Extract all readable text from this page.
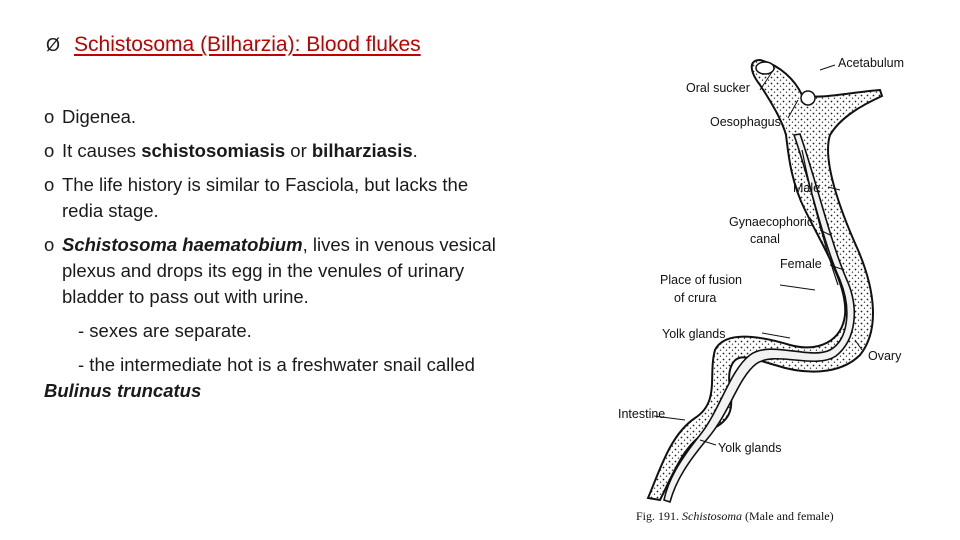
Ø Schistosoma (Bilharzia): Blood flukes
o Digenea.
o It causes schistosomiasis or bilharziasis.
o The life history is similar to Fasciola, but lacks the
redia stage.
o Schistosoma haematobium, lives in venous vesical
plexus and drops its egg in the venules of urinary
bladder to pass out with urine.
- sexes are separate.
- the intermediate hot is a freshwater snail called
Bulinus truncatus
Acetabulum
Oral sucker
Oesophagus
Male
Gynaecophoric
canal
Female
Place of fusion
of crura
Yolk glands
Ovary
Intestine
Yolk glands
Fig. 191. Schistosoma (Male and female)
